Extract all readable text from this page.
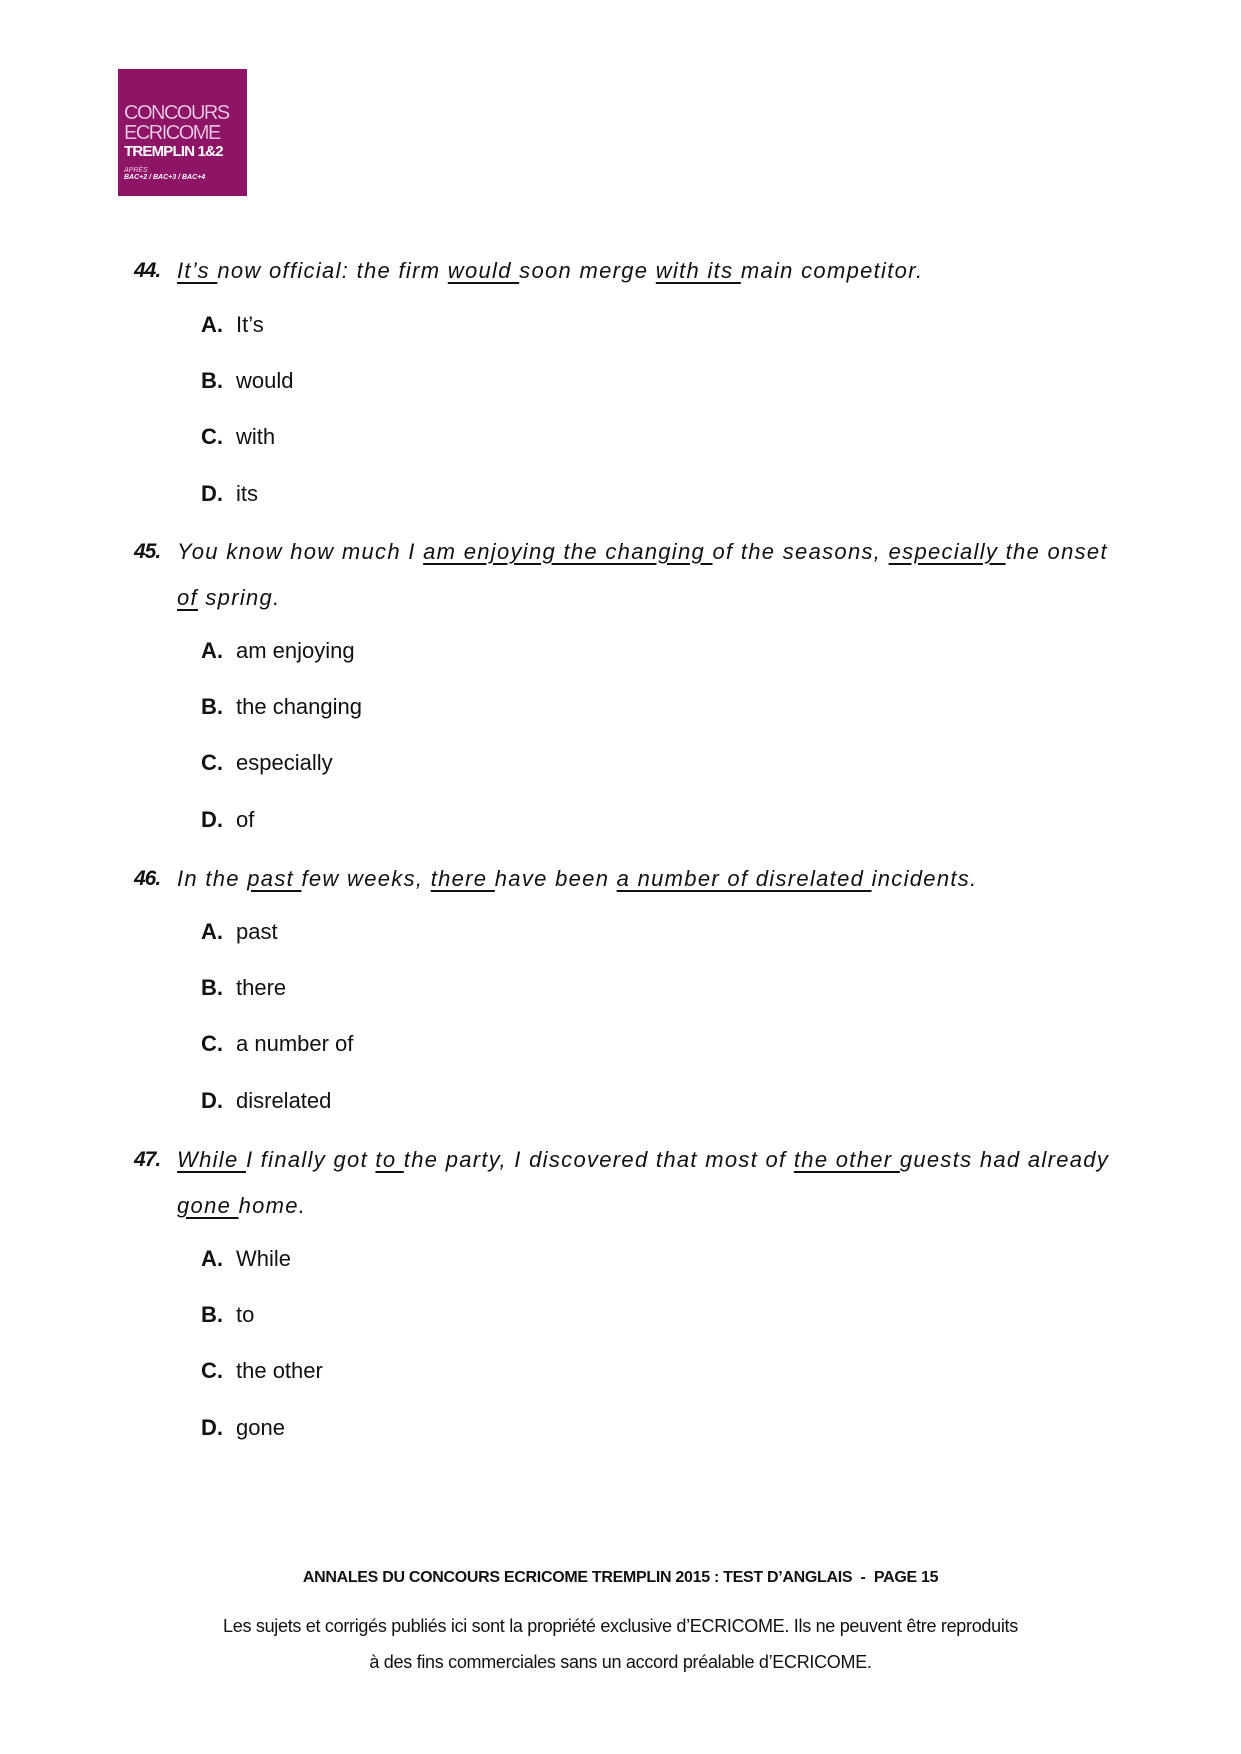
CONCOURS
ECRICOME
TREMPLIN 1&2
APRÈS
BAC+2 / BAC+3 / BAC+4
44. It’s now official: the firm would soon merge with its main competitor.
A. It’s
B. would
C. with
D. its
45. You know how much I am enjoying the changing of the seasons, especially the onset of spring.
A. am enjoying
B. the changing
C. especially
D. of
46. In the past few weeks, there have been a number of disrelated incidents.
A. past
B. there
C. a number of
D. disrelated
47. While I finally got to the party, I discovered that most of the other guests had already gone home.
A. While
B. to
C. the other
D. gone
ANNALES DU CONCOURS ECRICOME TREMPLIN 2015 : TEST D’ANGLAIS  -  PAGE 15
Les sujets et corrigés publiés ici sont la propriété exclusive d’ECRICOME. Ils ne peuvent être reproduits
à des fins commerciales sans un accord préalable d’ECRICOME.
